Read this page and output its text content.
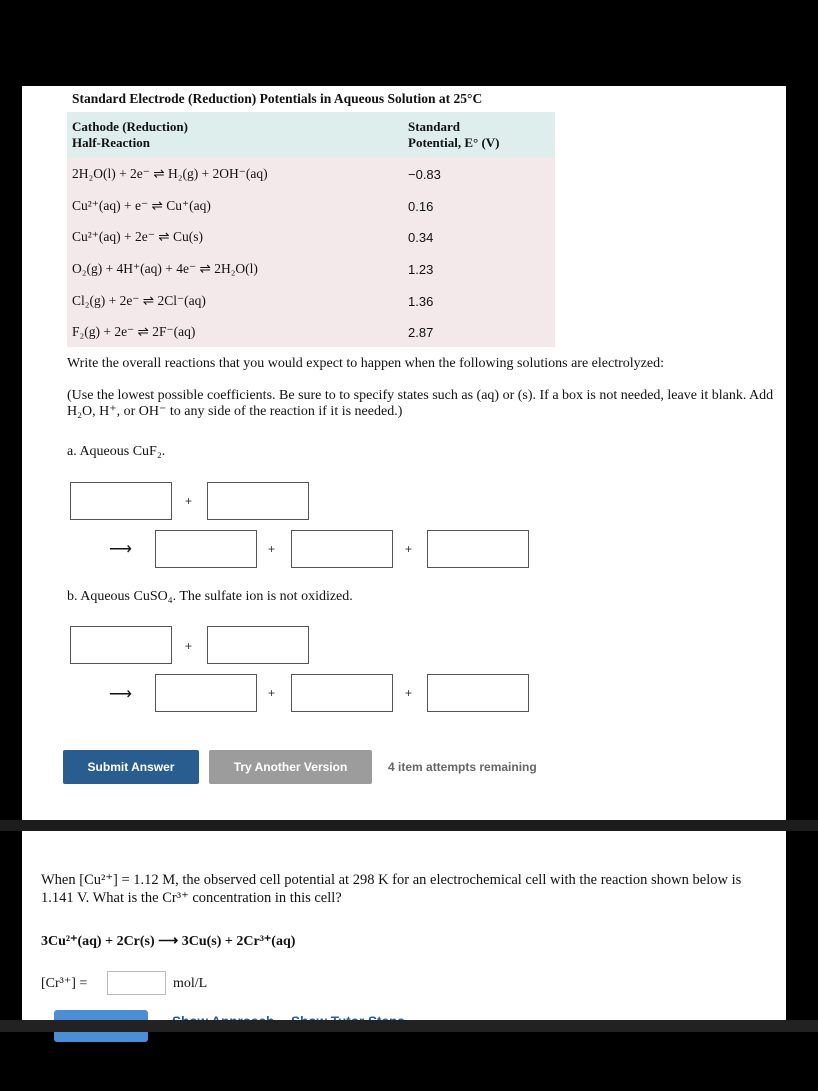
Standard Electrode (Reduction) Potentials in Aqueous Solution at 25°C
Cathode (Reduction)
Half-Reaction
Standard
Potential, E° (V)
2H₂O(l) + 2e⁻ ⇌ H₂(g) + 2OH⁻(aq)	−0.83
Cu²⁺(aq) + e⁻ ⇌ Cu⁺(aq)	0.16
Cu²⁺(aq) + 2e⁻ ⇌ Cu(s)	0.34
O₂(g) + 4H⁺(aq) + 4e⁻ ⇌ 2H₂O(l)	1.23
Cl₂(g) + 2e⁻ ⇌ 2Cl⁻(aq)	1.36
F₂(g) + 2e⁻ ⇌ 2F⁻(aq)	2.87
Write the overall reactions that you would expect to happen when the following solutions are electrolyzed:
(Use the lowest possible coefficients. Be sure to to specify states such as (aq) or (s). If a box is not needed, leave it blank. Add H₂O, H⁺, or OH⁻ to any side of the reaction if it is needed.)
a. Aqueous CuF₂.
+
⟶	+	+
b. Aqueous CuSO₄. The sulfate ion is not oxidized.
+
⟶	+	+
Submit Answer	Try Another Version	4 item attempts remaining
When [Cu²⁺] = 1.12 M, the observed cell potential at 298 K for an electrochemical cell with the reaction shown below is 1.141 V. What is the Cr³⁺ concentration in this cell?
3Cu²⁺(aq) + 2Cr(s) ⟶ 3Cu(s) + 2Cr³⁺(aq)
[Cr³⁺] =	mol/L
